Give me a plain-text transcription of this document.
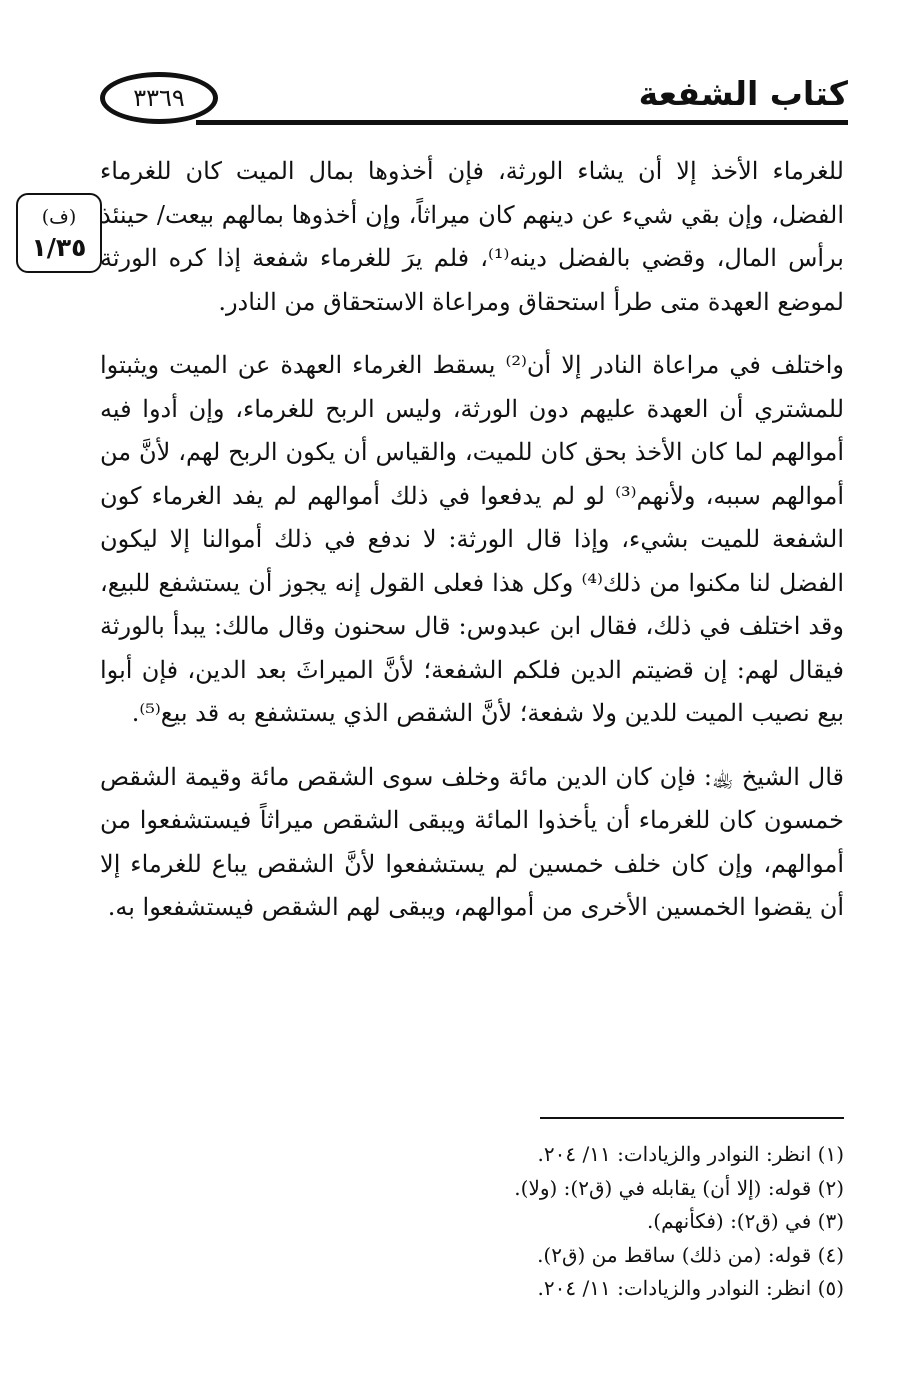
كتاب الشفعة
٣٣٦٩
(ف)
١/٣٥

للغرماء الأخذ إلا أن يشاء الورثة، فإن أخذوها بمال الميت كان للغرماء الفضل، وإن بقي شيء عن دينهم كان ميراثاً، وإن أخذوها بمالهم بيعت/ حينئذ برأس المال، وقضي بالفضل دينه⁽¹⁾، فلم يرَ للغرماء شفعة إذا كره الورثة لموضع العهدة متى طرأ استحقاق ومراعاة الاستحقاق من النادر.

واختلف في مراعاة النادر إلا أن⁽²⁾ يسقط الغرماء العهدة عن الميت ويثبتوا للمشتري أن العهدة عليهم دون الورثة، وليس الربح للغرماء، وإن أدوا فيه أموالهم لما كان الأخذ بحق كان للميت، والقياس أن يكون الربح لهم، لأنَّ من أموالهم سببه، ولأنهم⁽³⁾ لو لم يدفعوا في ذلك أموالهم لم يفد الغرماء كون الشفعة للميت بشيء، وإذا قال الورثة: لا ندفع في ذلك أموالنا إلا ليكون الفضل لنا مكنوا من ذلك⁽⁴⁾ وكل هذا فعلى القول إنه يجوز أن يستشفع للبيع، وقد اختلف في ذلك، فقال ابن عبدوس: قال سحنون وقال مالك: يبدأ بالورثة فيقال لهم: إن قضيتم الدين فلكم الشفعة؛ لأنَّ الميراثَ بعد الدين، فإن أبوا بيع نصيب الميت للدين ولا شفعة؛ لأنَّ الشقص الذي يستشفع به قد بيع⁽⁵⁾.

قال الشيخ ﵀: فإن كان الدين مائة وخلف سوى الشقص مائة وقيمة الشقص خمسون كان للغرماء أن يأخذوا المائة ويبقى الشقص ميراثاً فيستشفعوا من أموالهم، وإن كان خلف خمسين لم يستشفعوا لأنَّ الشقص يباع للغرماء إلا أن يقضوا الخمسين الأخرى من أموالهم، ويبقى لهم الشقص فيستشفعوا به.

(١) انظر: النوادر والزيادات: ١١/ ٢٠٤.
(٢) قوله: (إلا أن) يقابله في (ق٢): (ولا).
(٣) في (ق٢): (فكأنهم).
(٤) قوله: (من ذلك) ساقط من (ق٢).
(٥) انظر: النوادر والزيادات: ١١/ ٢٠٤.
